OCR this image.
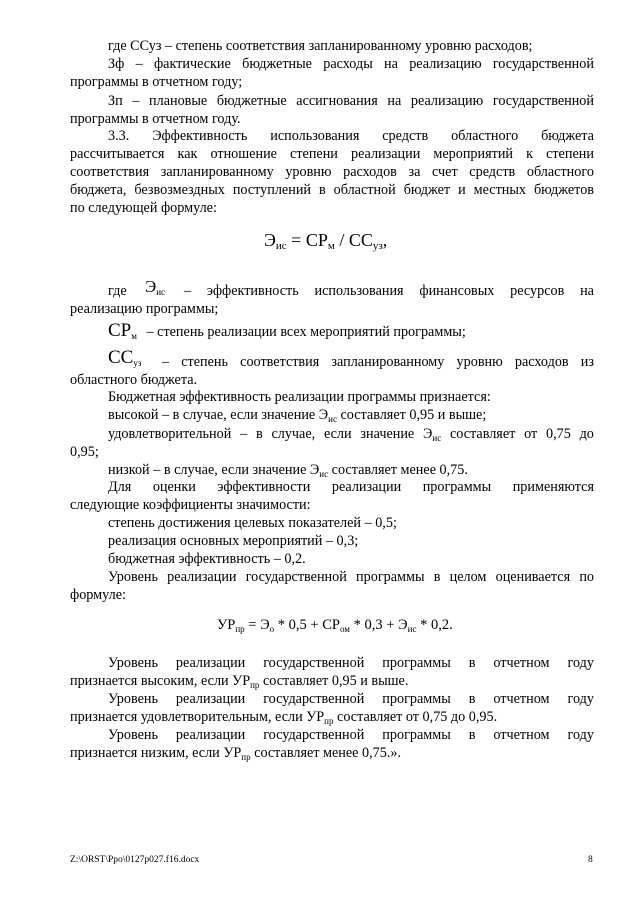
где ССуз – степень соответствия запланированному уровню расходов;
Зф – фактические бюджетные расходы на реализацию государственной
программы в отчетном году;
Зп – плановые бюджетные ассигнования на реализацию государственной
программы в отчетном году.
3.3. Эффективность использования средств областного бюджета
рассчитывается как отношение степени реализации мероприятий к степени
соответствия запланированному уровню расходов за счет средств областного
бюджета, безвозмездных поступлений в областной бюджет и местных бюджетов
по следующей формуле:
$Э_{ис} = СР_м / СС_{уз}$,
где $Э_{ис}$ – эффективность использования финансовых ресурсов на
реализацию программы;
$СР_м$ – степень реализации всех мероприятий программы;
$СС_{уз}$ – степень соответствия запланированному уровню расходов из
областного бюджета.
Бюджетная эффективность реализации программы признается:
высокой – в случае, если значение $Э_{ис}$ составляет 0,95 и выше;
удовлетворительной – в случае, если значение $Э_{ис}$ составляет от 0,75 до
0,95;
низкой – в случае, если значение $Э_{ис}$ составляет менее 0,75.
Для оценки эффективности реализации программы применяются
следующие коэффициенты значимости:
степень достижения целевых показателей – 0,5;
реализация основных мероприятий – 0,3;
бюджетная эффективность – 0,2.
Уровень реализации государственной программы в целом оценивается по
формуле:
$УР_{пр} = Э_о * 0,5 + СР_{ом} * 0,3 + Э_{ис} * 0,2$.
Уровень реализации государственной программы в отчетном году
признается высоким, если $УР_{пр}$ составляет 0,95 и выше.
Уровень реализации государственной программы в отчетном году
признается удовлетворительным, если $УР_{пр}$ составляет от 0,75 до 0,95.
Уровень реализации государственной программы в отчетном году
признается низким, если $УР_{пр}$ составляет менее 0,75.».
Z:\ORST\Ppo\0127p027.f16.docx	8
